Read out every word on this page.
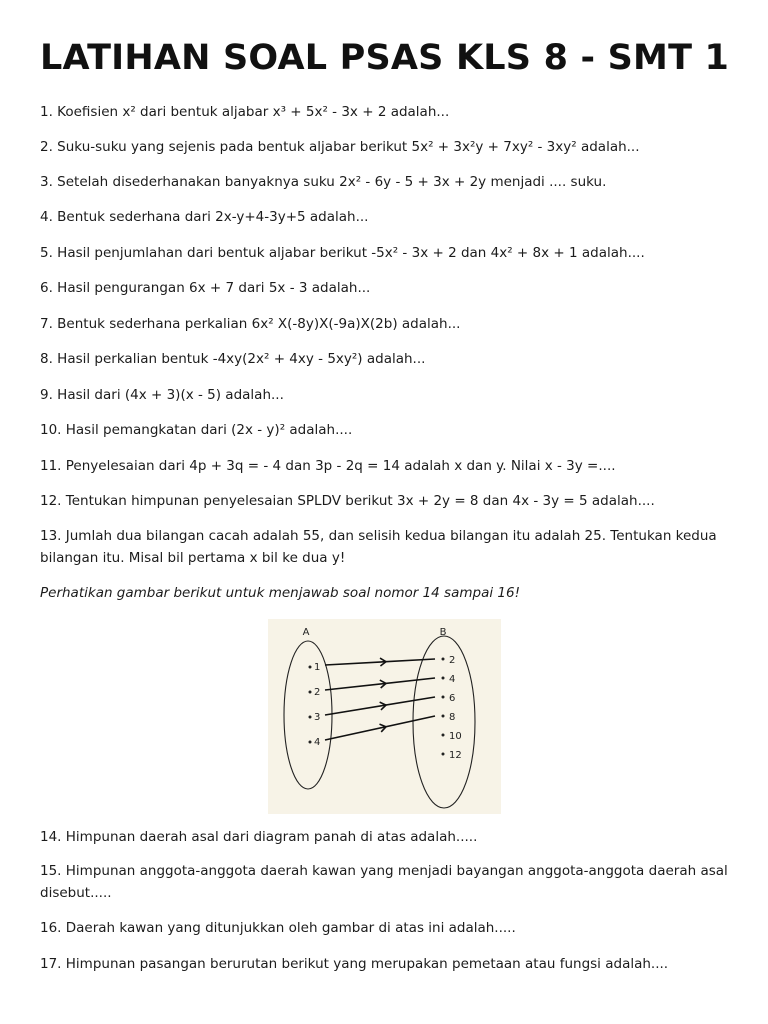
LATIHAN SOAL PSAS KLS 8 - SMT 1

1. Koefisien x² dari bentuk aljabar x³ + 5x² - 3x + 2 adalah...

2. Suku-suku yang sejenis pada bentuk aljabar berikut 5x² + 3x²y + 7xy² - 3xy² adalah...

3. Setelah disederhanakan banyaknya suku 2x² - 6y - 5 + 3x + 2y menjadi .... suku.

4. Bentuk sederhana dari 2x-y+4-3y+5 adalah...

5. Hasil penjumlahan dari bentuk aljabar berikut -5x² - 3x + 2 dan 4x² + 8x + 1 adalah....

6. Hasil pengurangan 6x + 7 dari 5x - 3 adalah...

7. Bentuk sederhana perkalian 6x² X(-8y)X(-9a)X(2b) adalah...

8. Hasil perkalian bentuk -4xy(2x² + 4xy - 5xy²) adalah...

9. Hasil dari (4x + 3)(x - 5) adalah...

10. Hasil pemangkatan dari (2x - y)² adalah....

11. Penyelesaian dari 4p + 3q = - 4 dan 3p - 2q = 14 adalah x dan y. Nilai x - 3y =....

12. Tentukan himpunan penyelesaian SPLDV berikut 3x + 2y = 8 dan 4x - 3y = 5 adalah....

13. Jumlah dua bilangan cacah adalah 55, dan selisih kedua bilangan itu adalah 25. Tentukan kedua bilangan itu. Misal bil pertama x bil ke dua y!

Perhatikan gambar berikut untuk menjawab soal nomor 14 sampai 16!

A	B
1
2
3
4
2
4
6
8
10
12

14. Himpunan daerah asal dari diagram panah di atas adalah.....

15. Himpunan anggota-anggota daerah kawan yang menjadi bayangan anggota-anggota daerah asal disebut.....

16. Daerah kawan yang ditunjukkan oleh gambar di atas ini adalah.....

17. Himpunan pasangan berurutan berikut yang merupakan pemetaan atau fungsi adalah....
